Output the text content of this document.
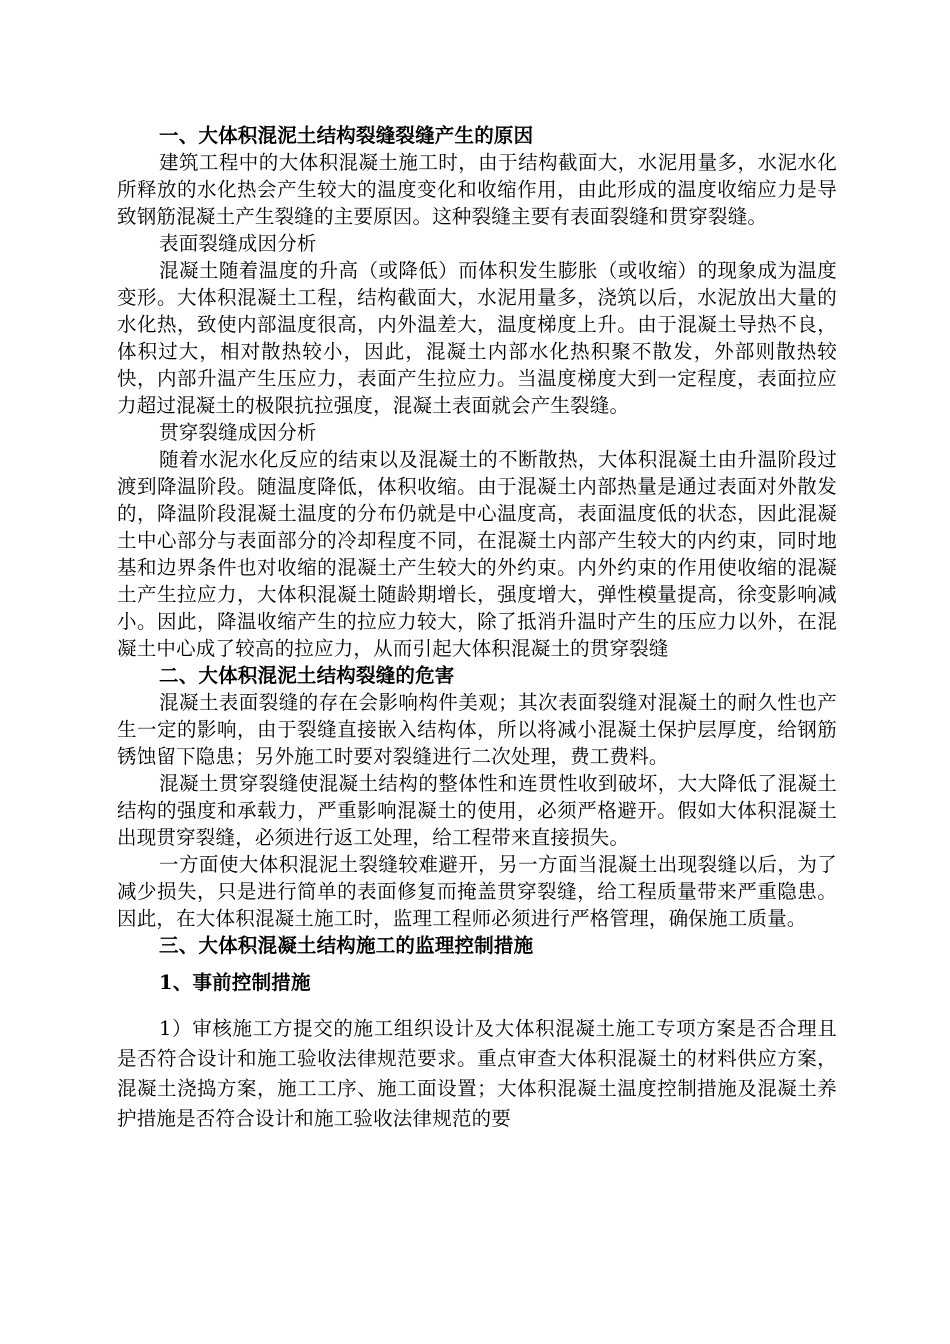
一、大体积混泥土结构裂缝裂缝产生的原因

建筑工程中的大体积混凝土施工时，由于结构截面大，水泥用量多，水泥水化所释放的水化热会产生较大的温度变化和收缩作用，由此形成的温度收缩应力是导致钢筋混凝土产生裂缝的主要原因。这种裂缝主要有表面裂缝和贯穿裂缝。

表面裂缝成因分析

混凝土随着温度的升高（或降低）而体积发生膨胀（或收缩）的现象成为温度变形。大体积混凝土工程，结构截面大，水泥用量多，浇筑以后，水泥放出大量的水化热，致使内部温度很高，内外温差大，温度梯度上升。由于混凝土导热不良，体积过大，相对散热较小，因此，混凝土内部水化热积聚不散发，外部则散热较快，内部升温产生压应力，表面产生拉应力。当温度梯度大到一定程度，表面拉应力超过混凝土的极限抗拉强度，混凝土表面就会产生裂缝。

贯穿裂缝成因分析

随着水泥水化反应的结束以及混凝土的不断散热，大体积混凝土由升温阶段过渡到降温阶段。随温度降低，体积收缩。由于混凝土内部热量是通过表面对外散发的，降温阶段混凝土温度的分布仍就是中心温度高，表面温度低的状态，因此混凝土中心部分与表面部分的冷却程度不同，在混凝土内部产生较大的内约束，同时地基和边界条件也对收缩的混凝土产生较大的外约束。内外约束的作用使收缩的混凝土产生拉应力，大体积混凝土随龄期增长，强度增大，弹性模量提高，徐变影响减小。因此，降温收缩产生的拉应力较大，除了抵消升温时产生的压应力以外，在混凝土中心成了较高的拉应力，从而引起大体积混凝土的贯穿裂缝

二、大体积混泥土结构裂缝的危害

混凝土表面裂缝的存在会影响构件美观；其次表面裂缝对混凝土的耐久性也产生一定的影响，由于裂缝直接嵌入结构体，所以将减小混凝土保护层厚度，给钢筋锈蚀留下隐患；另外施工时要对裂缝进行二次处理，费工费料。

混凝土贯穿裂缝使混凝土结构的整体性和连贯性收到破坏，大大降低了混凝土结构的强度和承载力，严重影响混凝土的使用，必须严格避开。假如大体积混凝土出现贯穿裂缝，必须进行返工处理，给工程带来直接损失。

一方面使大体积混泥土裂缝较难避开，另一方面当混凝土出现裂缝以后，为了减少损失，只是进行简单的表面修复而掩盖贯穿裂缝，给工程质量带来严重隐患。因此，在大体积混凝土施工时，监理工程师必须进行严格管理，确保施工质量。

三、大体积混凝土结构施工的监理控制措施

1、事前控制措施

1）审核施工方提交的施工组织设计及大体积混凝土施工专项方案是否合理且是否符合设计和施工验收法律规范要求。重点审查大体积混凝土的材料供应方案，混凝土浇捣方案，施工工序、施工面设置；大体积混凝土温度控制措施及混凝土养护措施是否符合设计和施工验收法律规范的要
